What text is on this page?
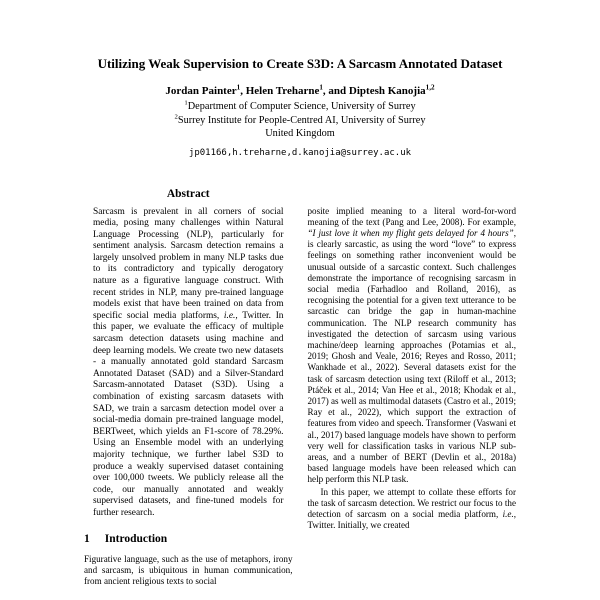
Utilizing Weak Supervision to Create S3D: A Sarcasm Annotated Dataset
Jordan Painter$^1$, Helen Treharne$^1$, and Diptesh Kanojia$^{1,2}$
$^1$Department of Computer Science, University of Surrey
$^2$Surrey Institute for People-Centred AI, University of Surrey
United Kingdom
jp01166,h.treharne,d.kanojia@surrey.ac.uk
Abstract

Sarcasm is prevalent in all corners of social media, posing many challenges within Natural Language Processing (NLP), particularly for sentiment analysis. Sarcasm detection remains a largely unsolved problem in many NLP tasks due to its contradictory and typically derogatory nature as a figurative language construct. With recent strides in NLP, many pre-trained language models exist that have been trained on data from specific social media platforms, i.e., Twitter. In this paper, we evaluate the efficacy of multiple sarcasm detection datasets using machine and deep learning models. We create two new datasets - a manually annotated gold standard Sarcasm Annotated Dataset (SAD) and a Silver-Standard Sarcasm-annotated Dataset (S3D). Using a combination of existing sarcasm datasets with SAD, we train a sarcasm detection model over a social-media domain pre-trained language model, BERTweet, which yields an F1-score of 78.29%. Using an Ensemble model with an underlying majority technique, we further label S3D to produce a weakly supervised dataset containing over 100,000 tweets. We publicly release all the code, our manually annotated and weakly supervised datasets, and fine-tuned models for further research.

1 Introduction

Figurative language, such as the use of metaphors, irony and sarcasm, is ubiquitous in human communication, from ancient religious texts to social

posite implied meaning to a literal word-for-word meaning of the text (Pang and Lee, 2008). For example, “I just love it when my flight gets delayed for 4 hours”, is clearly sarcastic, as using the word “love” to express feelings on something rather inconvenient would be unusual outside of a sarcastic context. Such challenges demonstrate the importance of recognising sarcasm in social media (Farhadloo and Rolland, 2016), as recognising the potential for a given text utterance to be sarcastic can bridge the gap in human-machine communication. The NLP research community has investigated the detection of sarcasm using various machine/deep learning approaches (Potamias et al., 2019; Ghosh and Veale, 2016; Reyes and Rosso, 2011; Wankhade et al., 2022). Several datasets exist for the task of sarcasm detection using text (Riloff et al., 2013; Ptáček et al., 2014; Van Hee et al., 2018; Khodak et al., 2017) as well as multimodal datasets (Castro et al., 2019; Ray et al., 2022), which support the extraction of features from video and speech. Transformer (Vaswani et al., 2017) based language models have shown to perform very well for classification tasks in various NLP sub-areas, and a number of BERT (Devlin et al., 2018a) based language models have been released which can help perform this NLP task.

In this paper, we attempt to collate these efforts for the task of sarcasm detection. We restrict our focus to the detection of sarcasm on a social media platform, i.e., Twitter. Initially, we created
